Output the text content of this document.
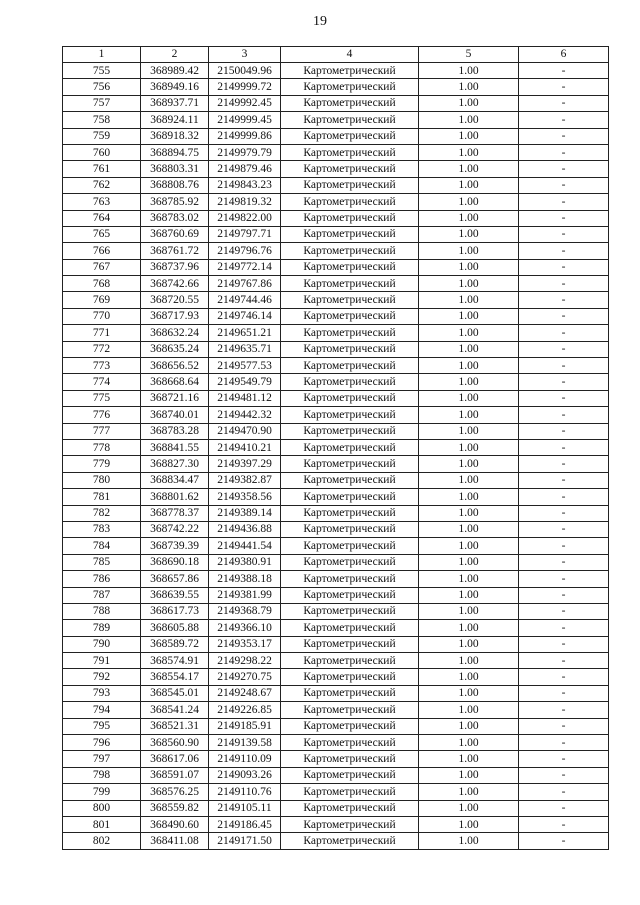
19
1	2	3	4	5	6
755	368989.42	2150049.96	Картометрический	1.00	-
756	368949.16	2149999.72	Картометрический	1.00	-
757	368937.71	2149992.45	Картометрический	1.00	-
758	368924.11	2149999.45	Картометрический	1.00	-
759	368918.32	2149999.86	Картометрический	1.00	-
760	368894.75	2149979.79	Картометрический	1.00	-
761	368803.31	2149879.46	Картометрический	1.00	-
762	368808.76	2149843.23	Картометрический	1.00	-
763	368785.92	2149819.32	Картометрический	1.00	-
764	368783.02	2149822.00	Картометрический	1.00	-
765	368760.69	2149797.71	Картометрический	1.00	-
766	368761.72	2149796.76	Картометрический	1.00	-
767	368737.96	2149772.14	Картометрический	1.00	-
768	368742.66	2149767.86	Картометрический	1.00	-
769	368720.55	2149744.46	Картометрический	1.00	-
770	368717.93	2149746.14	Картометрический	1.00	-
771	368632.24	2149651.21	Картометрический	1.00	-
772	368635.24	2149635.71	Картометрический	1.00	-
773	368656.52	2149577.53	Картометрический	1.00	-
774	368668.64	2149549.79	Картометрический	1.00	-
775	368721.16	2149481.12	Картометрический	1.00	-
776	368740.01	2149442.32	Картометрический	1.00	-
777	368783.28	2149470.90	Картометрический	1.00	-
778	368841.55	2149410.21	Картометрический	1.00	-
779	368827.30	2149397.29	Картометрический	1.00	-
780	368834.47	2149382.87	Картометрический	1.00	-
781	368801.62	2149358.56	Картометрический	1.00	-
782	368778.37	2149389.14	Картометрический	1.00	-
783	368742.22	2149436.88	Картометрический	1.00	-
784	368739.39	2149441.54	Картометрический	1.00	-
785	368690.18	2149380.91	Картометрический	1.00	-
786	368657.86	2149388.18	Картометрический	1.00	-
787	368639.55	2149381.99	Картометрический	1.00	-
788	368617.73	2149368.79	Картометрический	1.00	-
789	368605.88	2149366.10	Картометрический	1.00	-
790	368589.72	2149353.17	Картометрический	1.00	-
791	368574.91	2149298.22	Картометрический	1.00	-
792	368554.17	2149270.75	Картометрический	1.00	-
793	368545.01	2149248.67	Картометрический	1.00	-
794	368541.24	2149226.85	Картометрический	1.00	-
795	368521.31	2149185.91	Картометрический	1.00	-
796	368560.90	2149139.58	Картометрический	1.00	-
797	368617.06	2149110.09	Картометрический	1.00	-
798	368591.07	2149093.26	Картометрический	1.00	-
799	368576.25	2149110.76	Картометрический	1.00	-
800	368559.82	2149105.11	Картометрический	1.00	-
801	368490.60	2149186.45	Картометрический	1.00	-
802	368411.08	2149171.50	Картометрический	1.00	-
